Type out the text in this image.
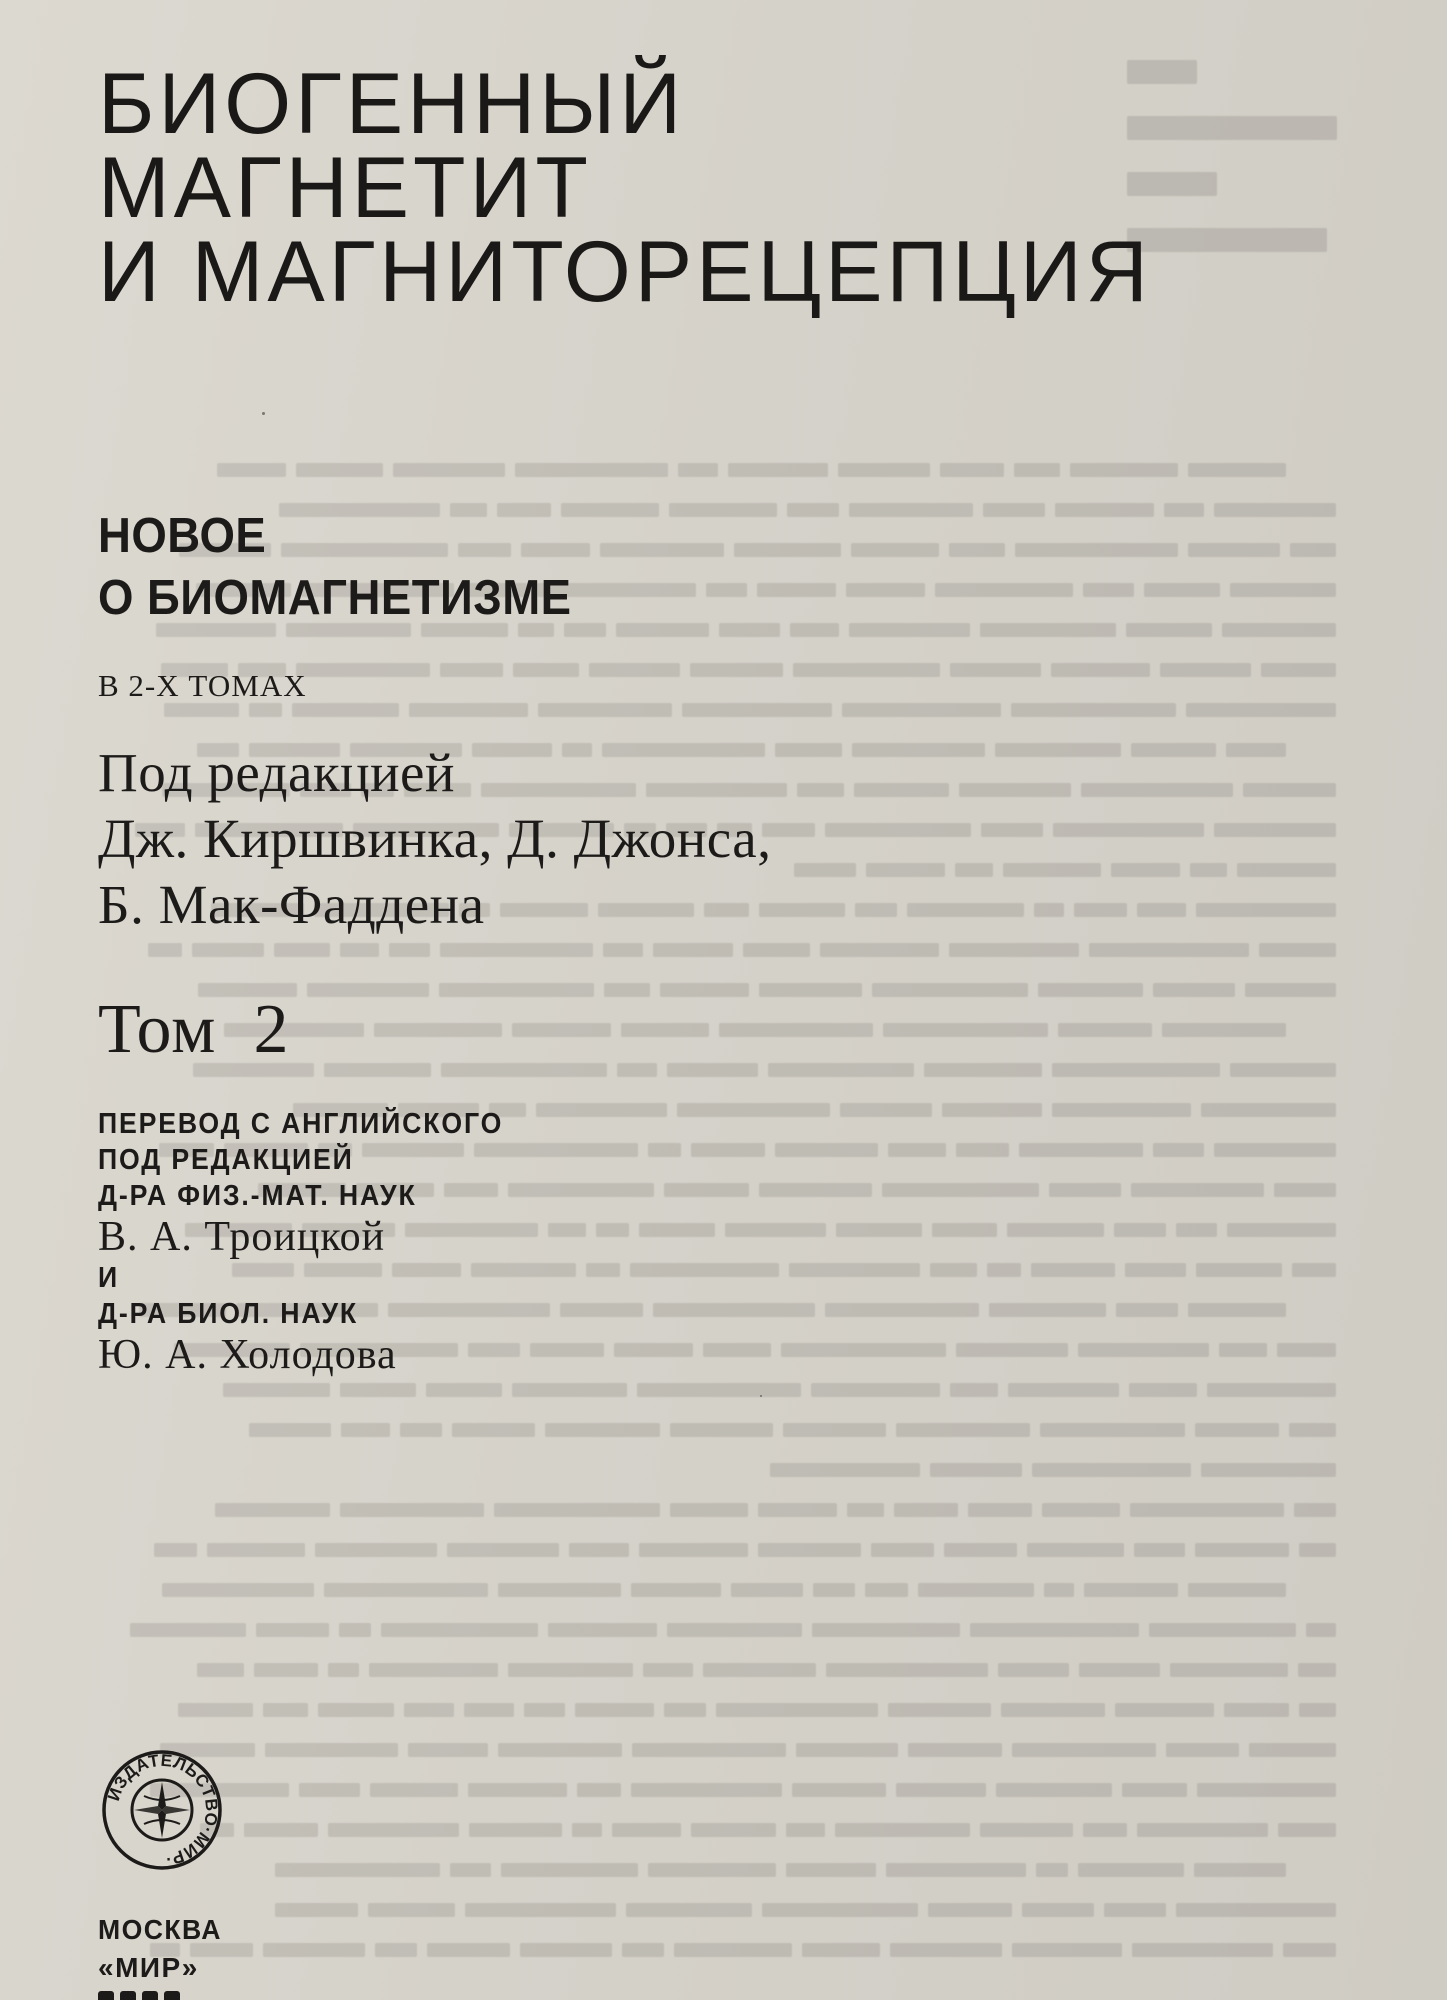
БИОГЕННЫЙ
МАГНЕТИТ
И МАГНИТОРЕЦЕПЦИЯ
НОВОЕ
О БИОМАГНЕТИЗМЕ
В 2-Х ТОМАХ
Под редакцией
Дж. Киршвинка, Д. Джонса,
Б. Мак-Фаддена
Том  2
ПЕРЕВОД С АНГЛИЙСКОГО
ПОД РЕДАКЦИЕЙ
Д-РА ФИЗ.-МАТ. НАУК
В. А. Троицкой
И
Д-РА БИОЛ. НАУК
Ю. А. Холодова
ИЗДАТЕЛЬСТВО·МИР·
МОСКВА
«МИР»
